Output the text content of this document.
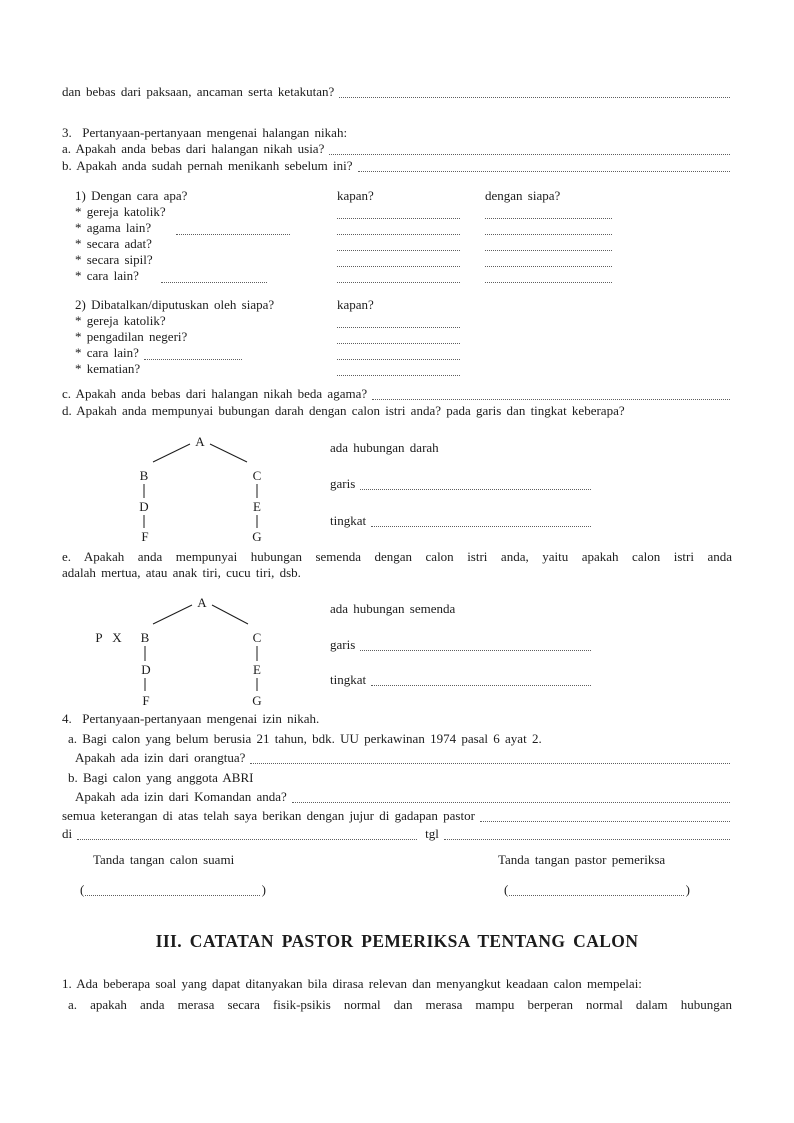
dan bebas dari paksaan, ancaman serta ketakutan?
3.  Pertanyaan-pertanyaan mengenai halangan nikah:
a. Apakah anda bebas dari halangan nikah usia?
b. Apakah anda sudah pernah menikanh sebelum ini?
1) Dengan cara apa?	kapan?	dengan siapa?
* gereja katolik?
* agama lain?
* secara adat?
* secara sipil?
* cara lain?
2) Dibatalkan/diputuskan oleh siapa?	kapan?
* gereja katolik?
* pengadilan negeri?
* cara lain?
* kematian?
c. Apakah anda bebas dari halangan nikah beda agama?
d. Apakah anda mempunyai bubungan darah dengan calon istri anda? pada garis dan tingkat keberapa?
A
B	C
D	E
F	G
ada hubungan darah
garis
tingkat
e. Apakah anda mempunyai hubungan semenda dengan calon istri anda, yaitu apakah calon istri anda
adalah mertua, atau anak tiri, cucu tiri, dsb.
A
P X B	C
D	E
F	G
ada hubungan semenda
garis
tingkat
4.  Pertanyaan-pertanyaan mengenai izin nikah.
a. Bagi calon yang belum berusia 21 tahun, bdk. UU perkawinan 1974 pasal 6 ayat 2.
Apakah ada izin dari orangtua?
b. Bagi calon yang anggota ABRI
Apakah ada izin dari Komandan anda?
semua keterangan di atas telah saya berikan dengan jujur di gadapan pastor
di	tgl
Tanda tangan calon suami	Tanda tangan pastor pemeriksa
(	)	(	)
III. CATATAN PASTOR PEMERIKSA TENTANG CALON
1. Ada beberapa soal yang dapat ditanyakan bila dirasa relevan dan menyangkut keadaan calon mempelai:
a. apakah anda merasa secara fisik-psikis normal dan merasa mampu berperan normal dalam hubungan
